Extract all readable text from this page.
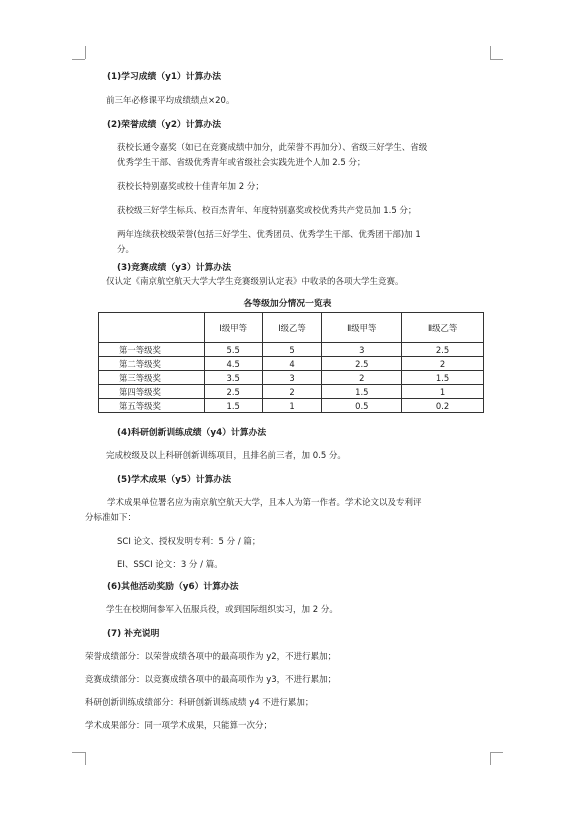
(1)学习成绩（y1）计算办法
前三年必修课平均成绩绩点×20。
(2)荣誉成绩（y2）计算办法
获校长通令嘉奖（如已在竞赛成绩中加分，此荣誉不再加分）、省级三好学生、省级
优秀学生干部、省级优秀青年或省级社会实践先进个人加 2.5 分；
获校长特别嘉奖或校十佳青年加 2 分；
获校级三好学生标兵、校百杰青年、年度特别嘉奖或校优秀共产党员加 1.5 分；
两年连续获校级荣誉(包括三好学生、优秀团员、优秀学生干部、优秀团干部)加 1
分。
(3)竞赛成绩（y3）计算办法
仅认定《南京航空航天大学大学生竞赛级别认定表》中收录的各项大学生竞赛。
各等级加分情况一览表
	Ⅰ级甲等	Ⅰ级乙等	Ⅱ级甲等	Ⅱ级乙等
第一等级奖	5.5	5	3	2.5
第二等级奖	4.5	4	2.5	2
第三等级奖	3.5	3	2	1.5
第四等级奖	2.5	2	1.5	1
第五等级奖	1.5	1	0.5	0.2
(4)科研创新训练成绩（y4）计算办法
完成校级及以上科研创新训练项目，且排名前三者，加 0.5 分。
(5)学术成果（y5）计算办法
学术成果单位署名应为南京航空航天大学，且本人为第一作者。学术论文以及专利评
分标准如下：
SCI 论文、授权发明专利：5 分 / 篇；
EI、SSCI 论文：3 分 / 篇。
(6)其他活动奖励（y6）计算办法
学生在校期间参军入伍服兵役，或到国际组织实习，加 2 分。
(7) 补充说明
荣誉成绩部分：以荣誉成绩各项中的最高项作为 y2，不进行累加；
竞赛成绩部分：以竞赛成绩各项中的最高项作为 y3，不进行累加；
科研创新训练成绩部分：科研创新训练成绩 y4 不进行累加；
学术成果部分：同一项学术成果，只能算一次分；
